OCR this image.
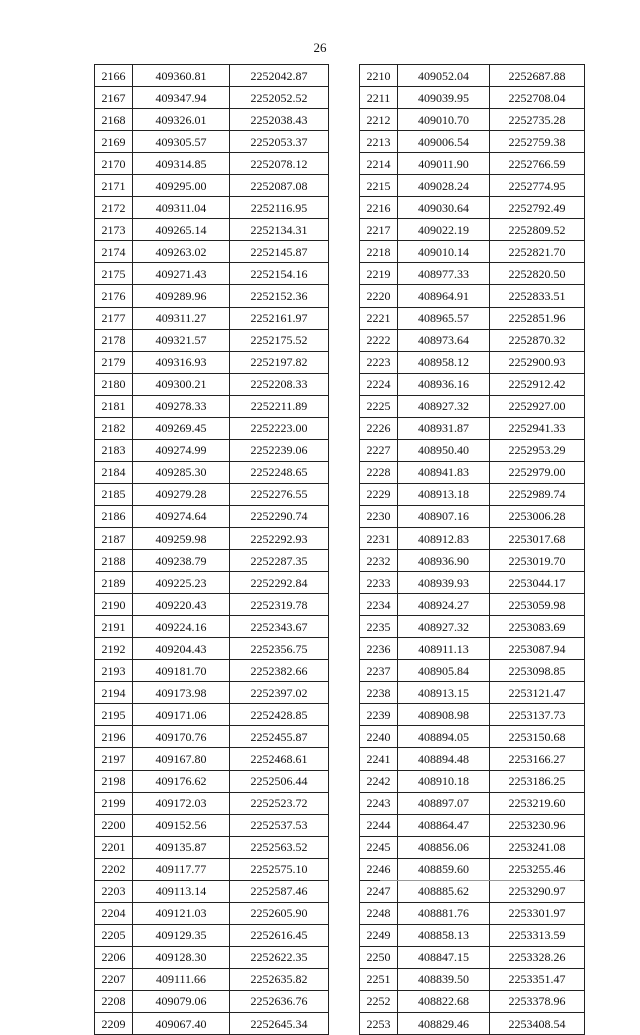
26
2166	409360.81	2252042.87
2167	409347.94	2252052.52
2168	409326.01	2252038.43
2169	409305.57	2252053.37
2170	409314.85	2252078.12
2171	409295.00	2252087.08
2172	409311.04	2252116.95
2173	409265.14	2252134.31
2174	409263.02	2252145.87
2175	409271.43	2252154.16
2176	409289.96	2252152.36
2177	409311.27	2252161.97
2178	409321.57	2252175.52
2179	409316.93	2252197.82
2180	409300.21	2252208.33
2181	409278.33	2252211.89
2182	409269.45	2252223.00
2183	409274.99	2252239.06
2184	409285.30	2252248.65
2185	409279.28	2252276.55
2186	409274.64	2252290.74
2187	409259.98	2252292.93
2188	409238.79	2252287.35
2189	409225.23	2252292.84
2190	409220.43	2252319.78
2191	409224.16	2252343.67
2192	409204.43	2252356.75
2193	409181.70	2252382.66
2194	409173.98	2252397.02
2195	409171.06	2252428.85
2196	409170.76	2252455.87
2197	409167.80	2252468.61
2198	409176.62	2252506.44
2199	409172.03	2252523.72
2200	409152.56	2252537.53
2201	409135.87	2252563.52
2202	409117.77	2252575.10
2203	409113.14	2252587.46
2204	409121.03	2252605.90
2205	409129.35	2252616.45
2206	409128.30	2252622.35
2207	409111.66	2252635.82
2208	409079.06	2252636.76
2209	409067.40	2252645.34
2210	409052.04	2252687.88
2211	409039.95	2252708.04
2212	409010.70	2252735.28
2213	409006.54	2252759.38
2214	409011.90	2252766.59
2215	409028.24	2252774.95
2216	409030.64	2252792.49
2217	409022.19	2252809.52
2218	409010.14	2252821.70
2219	408977.33	2252820.50
2220	408964.91	2252833.51
2221	408965.57	2252851.96
2222	408973.64	2252870.32
2223	408958.12	2252900.93
2224	408936.16	2252912.42
2225	408927.32	2252927.00
2226	408931.87	2252941.33
2227	408950.40	2252953.29
2228	408941.83	2252979.00
2229	408913.18	2252989.74
2230	408907.16	2253006.28
2231	408912.83	2253017.68
2232	408936.90	2253019.70
2233	408939.93	2253044.17
2234	408924.27	2253059.98
2235	408927.32	2253083.69
2236	408911.13	2253087.94
2237	408905.84	2253098.85
2238	408913.15	2253121.47
2239	408908.98	2253137.73
2240	408894.05	2253150.68
2241	408894.48	2253166.27
2242	408910.18	2253186.25
2243	408897.07	2253219.60
2244	408864.47	2253230.96
2245	408856.06	2253241.08
2246	408859.60	2253255.46
2247	408885.62	2253290.97
2248	408881.76	2253301.97
2249	408858.13	2253313.59
2250	408847.15	2253328.26
2251	408839.50	2253351.47
2252	408822.68	2253378.96
2253	408829.46	2253408.54
